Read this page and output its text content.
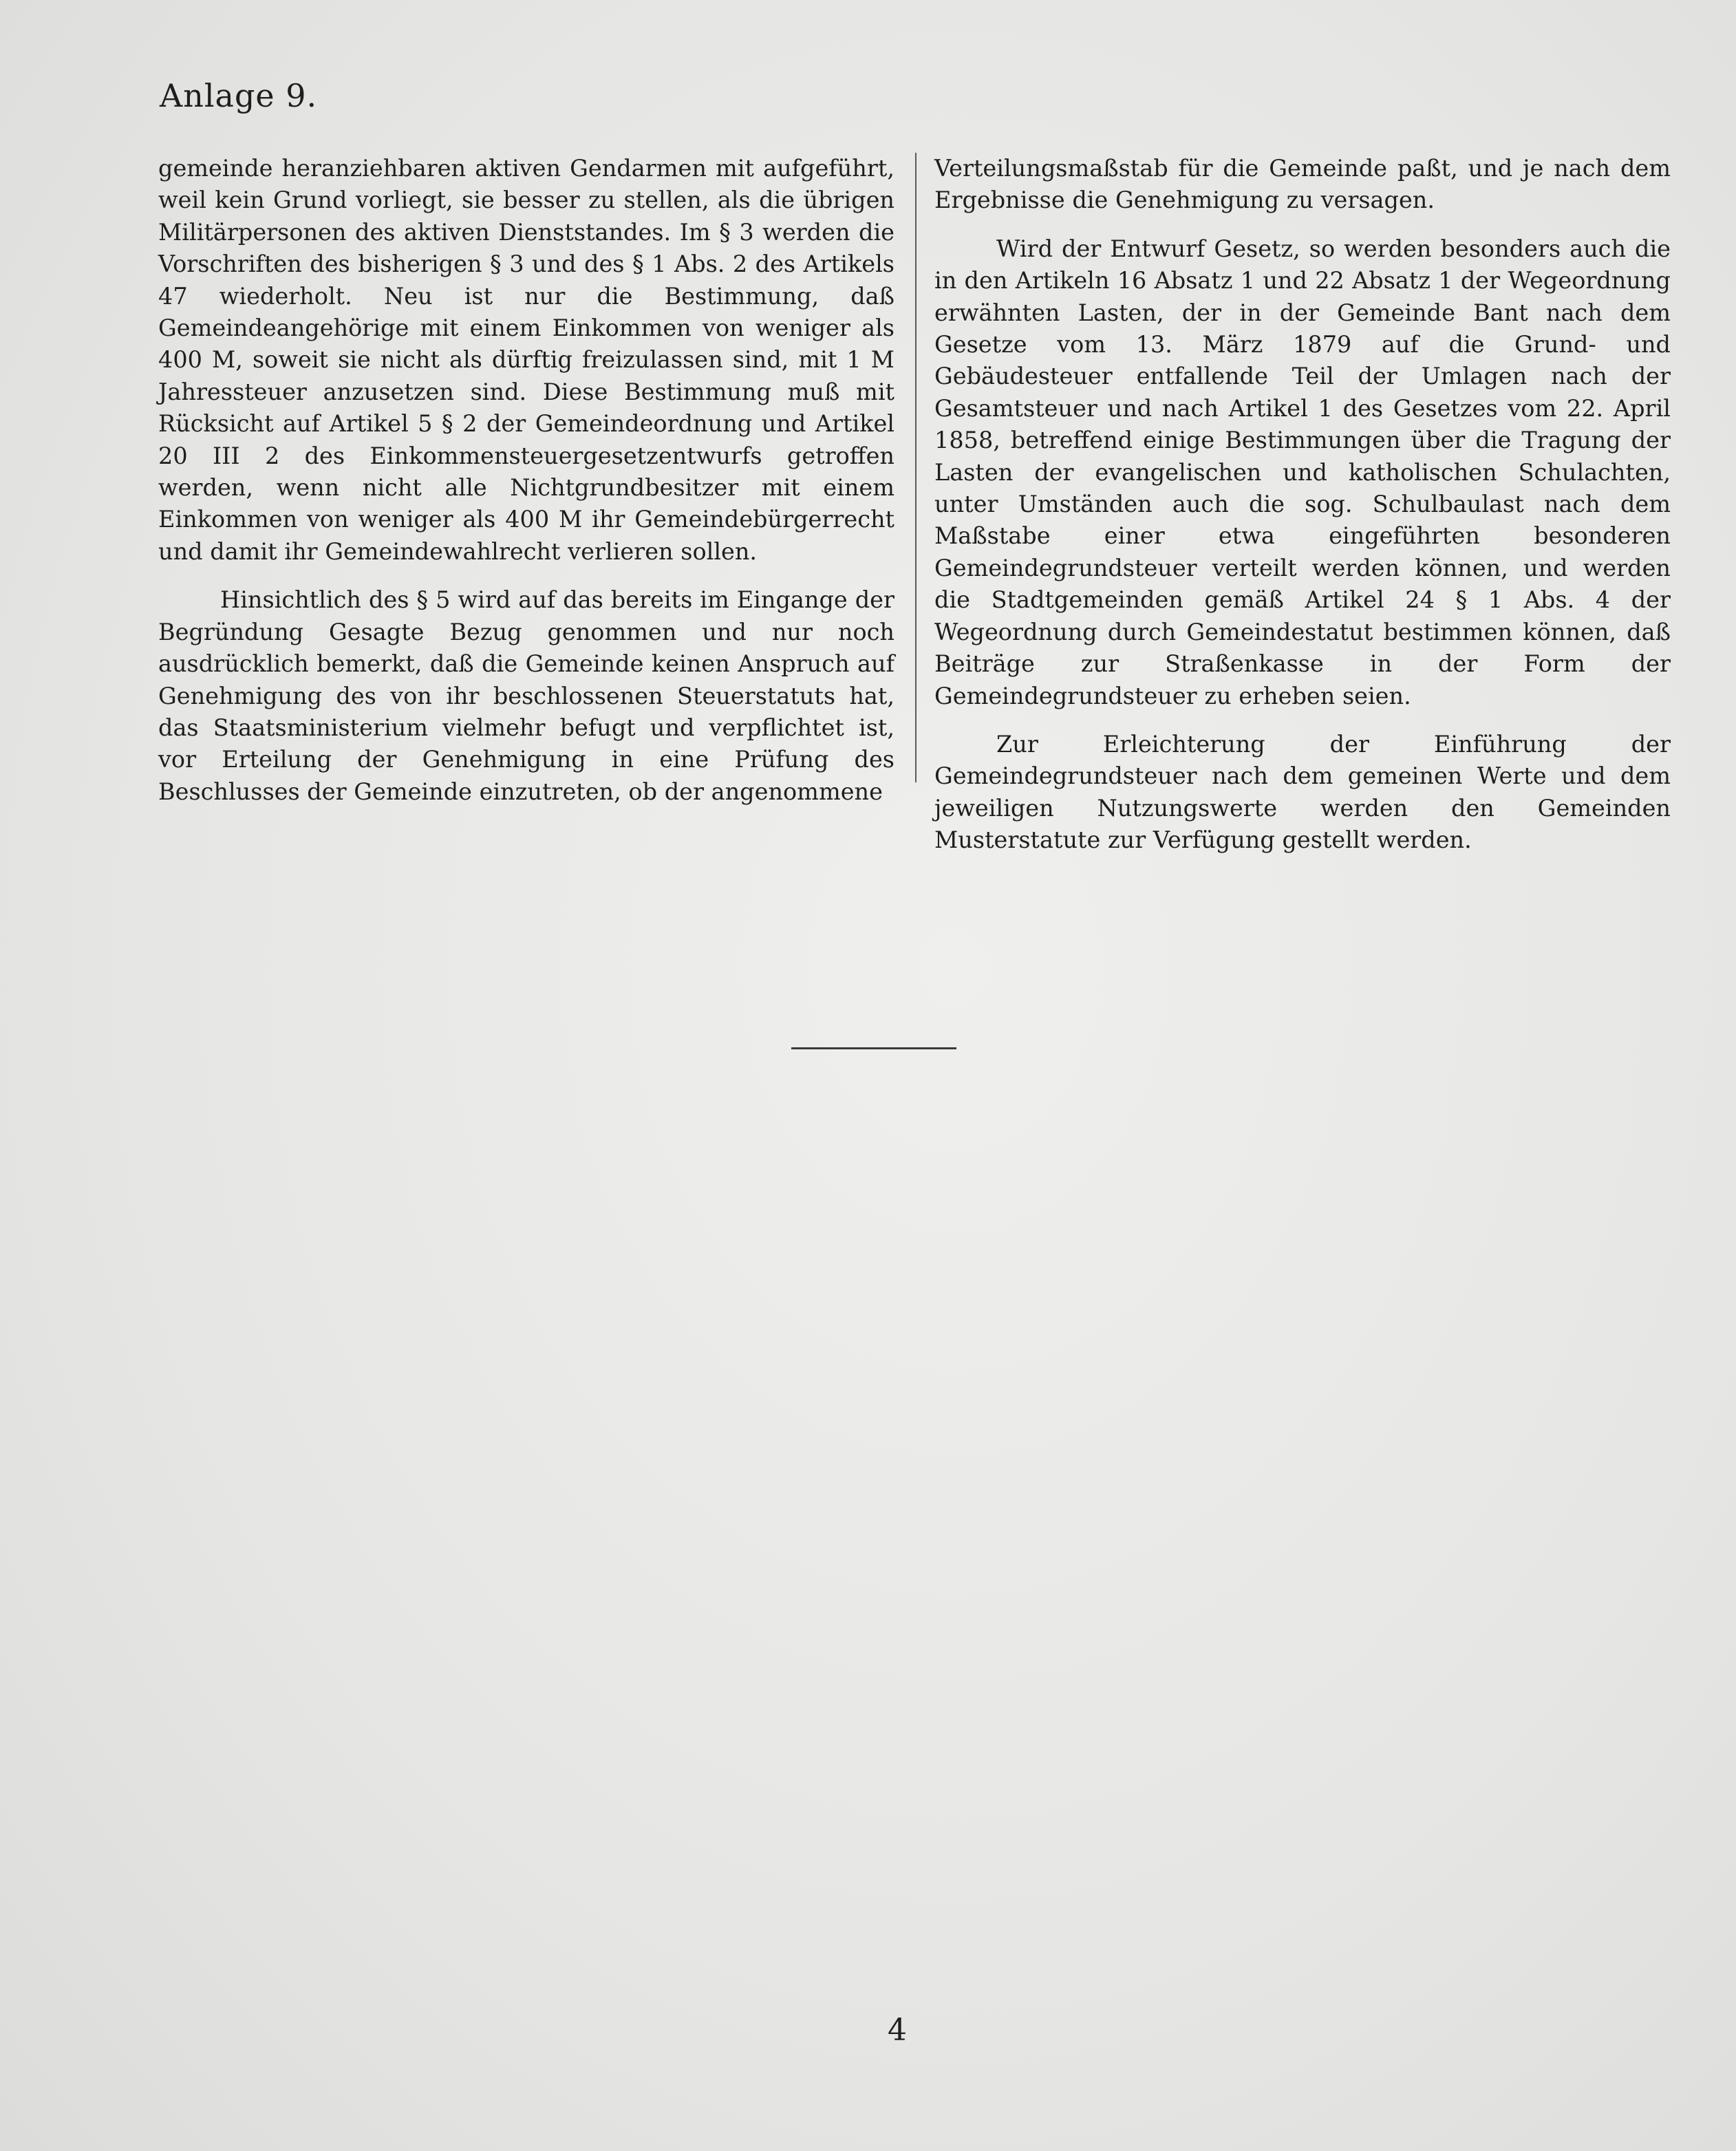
Anlage 9.

gemeinde heranziehbaren aktiven Gendarmen mit aufgeführt, weil kein Grund vorliegt, sie besser zu stellen, als die übrigen Militärpersonen des aktiven Dienststandes. Im § 3 werden die Vorschriften des bisherigen § 3 und des § 1 Abs. 2 des Artikels 47 wiederholt. Neu ist nur die Bestimmung, daß Gemeindeangehörige mit einem Einkommen von weniger als 400 M, soweit sie nicht als dürftig freizulassen sind, mit 1 M Jahressteuer anzusetzen sind. Diese Bestimmung muß mit Rücksicht auf Artikel 5 § 2 der Gemeindeordnung und Artikel 20 III 2 des Einkommensteuergesetzentwurfs getroffen werden, wenn nicht alle Nichtgrundbesitzer mit einem Einkommen von weniger als 400 M ihr Gemeindebürgerrecht und damit ihr Gemeindewahlrecht verlieren sollen.

Hinsichtlich des § 5 wird auf das bereits im Eingange der Begründung Gesagte Bezug genommen und nur noch ausdrücklich bemerkt, daß die Gemeinde keinen Anspruch auf Genehmigung des von ihr beschlossenen Steuerstatuts hat, das Staatsministerium vielmehr befugt und verpflichtet ist, vor Erteilung der Genehmigung in eine Prüfung des Beschlusses der Gemeinde einzutreten, ob der angenommene

Verteilungsmaßstab für die Gemeinde paßt, und je nach dem Ergebnisse die Genehmigung zu versagen.

Wird der Entwurf Gesetz, so werden besonders auch die in den Artikeln 16 Absatz 1 und 22 Absatz 1 der Wegeordnung erwähnten Lasten, der in der Gemeinde Bant nach dem Gesetze vom 13. März 1879 auf die Grund- und Gebäudesteuer entfallende Teil der Umlagen nach der Gesamtsteuer und nach Artikel 1 des Gesetzes vom 22. April 1858, betreffend einige Bestimmungen über die Tragung der Lasten der evangelischen und katholischen Schulachten, unter Umständen auch die sog. Schulbaulast nach dem Maßstabe einer etwa eingeführten besonderen Gemeindegrundsteuer verteilt werden können, und werden die Stadtgemeinden gemäß Artikel 24 § 1 Abs. 4 der Wegeordnung durch Gemeindestatut bestimmen können, daß Beiträge zur Straßenkasse in der Form der Gemeindegrundsteuer zu erheben seien.

Zur Erleichterung der Einführung der Gemeindegrundsteuer nach dem gemeinen Werte und dem jeweiligen Nutzungswerte werden den Gemeinden Musterstatute zur Verfügung gestellt werden.

4
